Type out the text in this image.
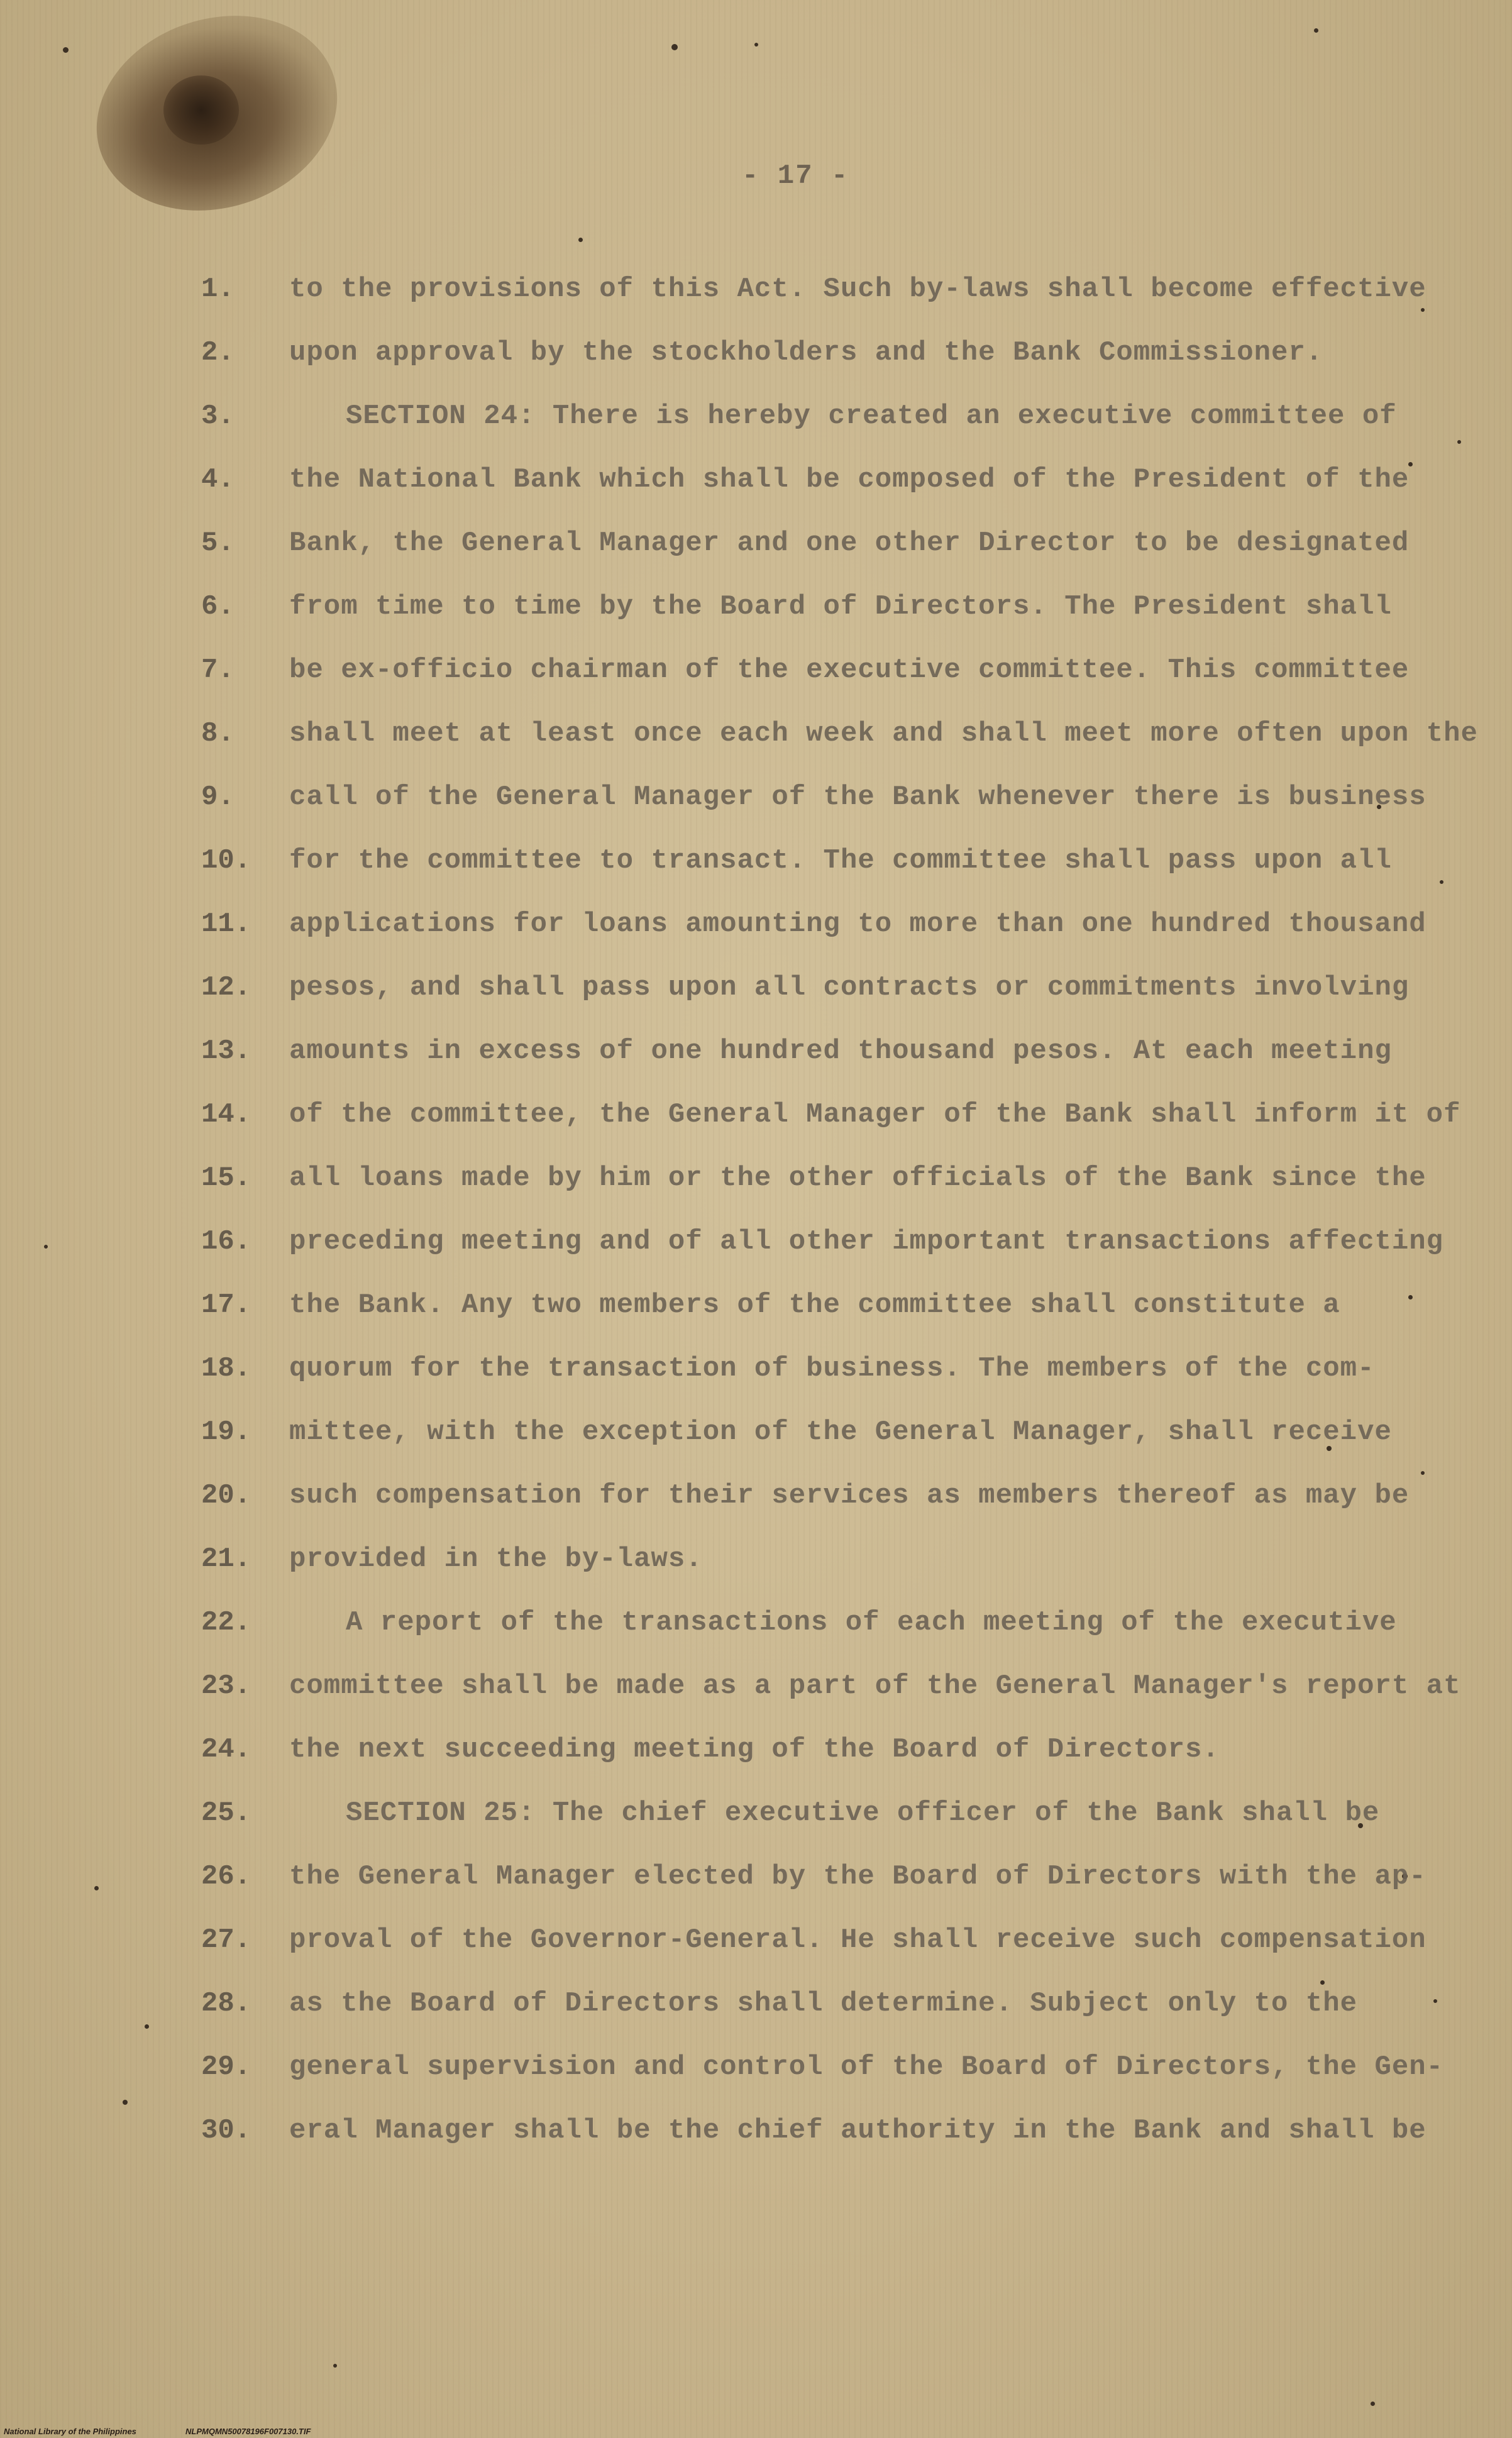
- 17 -
1.	to the provisions of this Act. Such by-laws shall become effective
2.	upon approval by the stockholders and the Bank Commissioner.
3.	SECTION 24: There is hereby created an executive committee of
4.	the National Bank which shall be composed of the President of the
5.	Bank, the General Manager and one other Director to be designated
6.	from time to time by the Board of Directors. The President shall
7.	be ex-officio chairman of the executive committee. This committee
8.	shall meet at least once each week and shall meet more often upon the
9.	call of the General Manager of the Bank whenever there is business
10.	for the committee to transact. The committee shall pass upon all
11.	applications for loans amounting to more than one hundred thousand
12.	pesos, and shall pass upon all contracts or commitments involving
13.	amounts in excess of one hundred thousand pesos. At each meeting
14.	of the committee, the General Manager of the Bank shall inform it of
15.	all loans made by him or the other officials of the Bank since the
16.	preceding meeting and of all other important transactions affecting
17.	the Bank. Any two members of the committee shall constitute a
18.	quorum for the transaction of business. The members of the com-
19.	mittee, with the exception of the General Manager, shall receive
20.	such compensation for their services as members thereof as may be
21.	provided in the by-laws.
22.	A report of the transactions of each meeting of the executive
23.	committee shall be made as a part of the General Manager's report at
24.	the next succeeding meeting of the Board of Directors.
25.	SECTION 25: The chief executive officer of the Bank shall be
26.	the General Manager elected by the Board of Directors with the ap-
27.	proval of the Governor-General. He shall receive such compensation
28.	as the Board of Directors shall determine. Subject only to the
29.	general supervision and control of the Board of Directors, the Gen-
30.	eral Manager shall be the chief authority in the Bank and shall be
National Library of the Philippines	NLPMQMN50078196F007130.TIF
